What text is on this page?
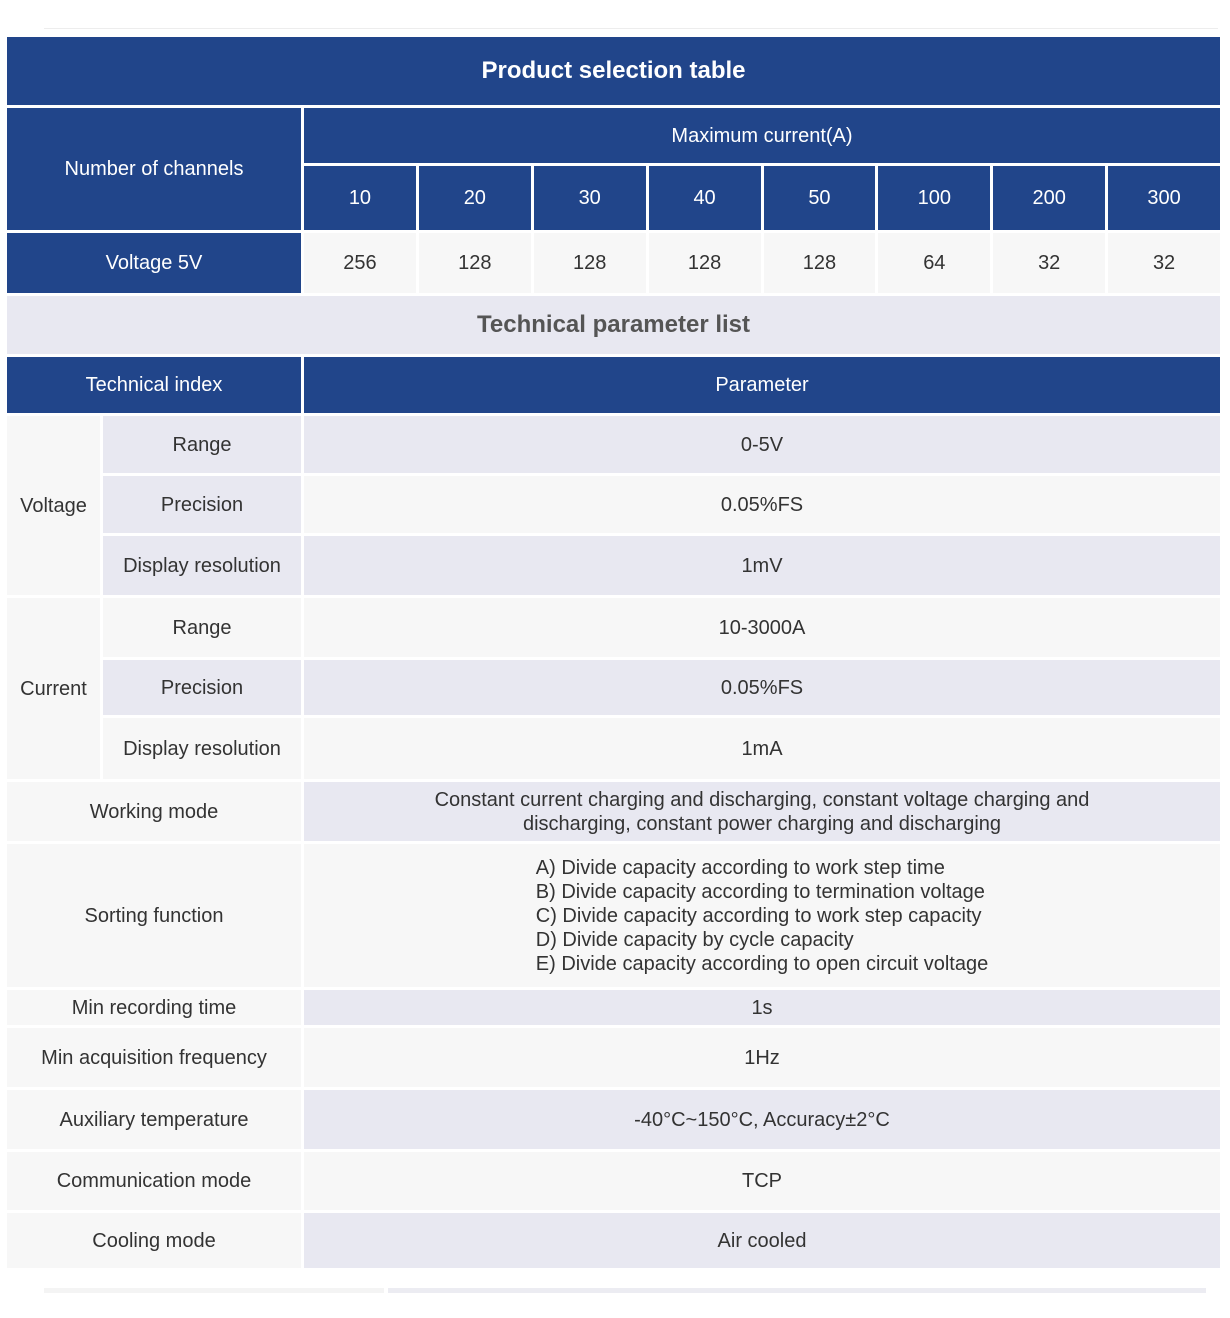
Product selection table									
Number of channels		Maximum current(A)							
		10	20	30	40	50	100	200	300
Voltage 5V		256	128	128	128	128	64	32	32
Technical parameter list									
Technical index		Parameter							
Voltage	Range	0-5V							
	Precision	0.05%FS							
	Display resolution	1mV							
Current	Range	10-3000A							
	Precision	0.05%FS							
	Display resolution	1mA							
Working mode		Constant current charging and discharging, constant voltage charging and
discharging, constant power charging and discharging							
Sorting function		A) Divide capacity according to work step time
B) Divide capacity according to termination voltage
C) Divide capacity according to work step capacity
D) Divide capacity by cycle capacity
E) Divide capacity according to open circuit voltage							

Min recording time		1s							
Min acquisition frequency		1Hz							
Auxiliary temperature		-40°C~150°C, Accuracy±2°C							
Communication mode		TCP							
Cooling mode		Air cooled							
